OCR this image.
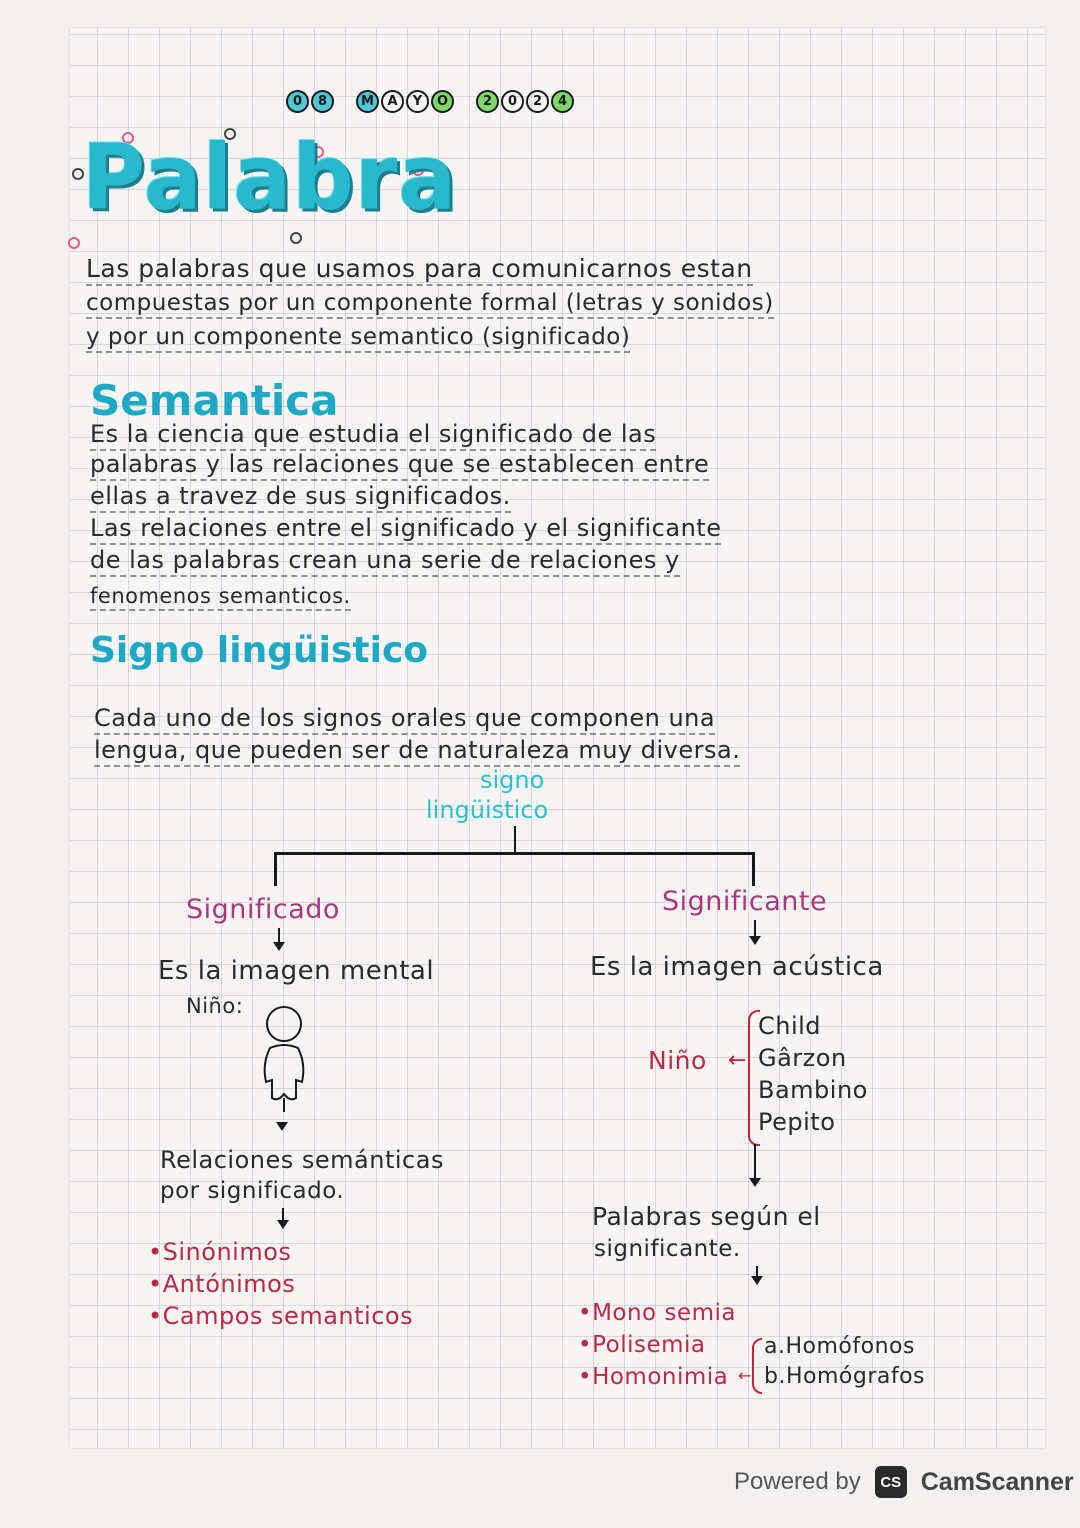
0	8	M	A	Y	O	2	0	2	4
Palabra
Las palabras que usamos para comunicarnos estan
compuestas por un componente formal (letras y sonidos)
y por un componente semantico (significado)
Semantica
Es la ciencia que estudia el significado de las
palabras y las relaciones que se establecen entre
ellas a travez de sus significados.
Las relaciones entre el significado y el significante
de las palabras crean una serie de relaciones y
fenomenos semanticos.
Signo lingüistico
Cada uno de los signos orales que componen una
lengua, que pueden ser de naturaleza muy diversa.
signo
lingüistico
Significado
Es la imagen mental
Niño:
Relaciones semánticas
por significado.
•Sinónimos
•Antónimos
•Campos semanticos
Significante
Es la imagen acústica
Niño ←
Child
Gârzon
Bambino
Pepito
Palabras según el
significante.
•Mono semia
•Polisemia
•Homonimia ←
a.Homófonos
b.Homógrafos
Powered by	CS CamScanner
